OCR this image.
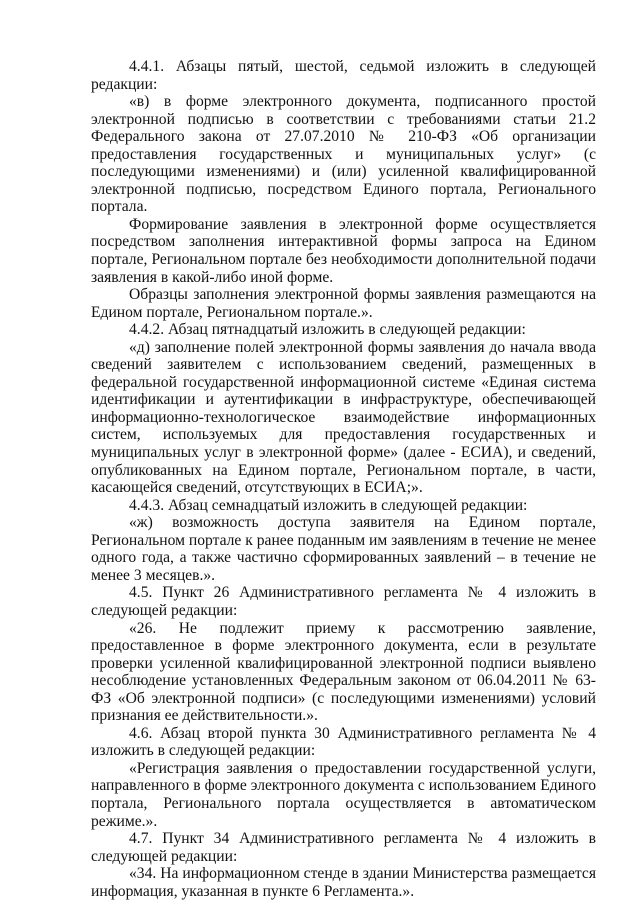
4.4.1. Абзацы пятый, шестой, седьмой изложить в следующей редакции:

«в) в форме электронного документа, подписанного простой электронной подписью в соответствии с требованиями статьи 21.2 Федерального закона от 27.07.2010 № 210-ФЗ «Об организации предоставления государственных и муниципальных услуг» (с последующими изменениями) и (или) усиленной квалифицированной электронной подписью, посредством Единого портала, Регионального портала.

Формирование заявления в электронной форме осуществляется посредством заполнения интерактивной формы запроса на Едином портале, Региональном портале без необходимости дополнительной подачи заявления в какой-либо иной форме.

Образцы заполнения электронной формы заявления размещаются на Едином портале, Региональном портале.».

4.4.2. Абзац пятнадцатый изложить в следующей редакции:

«д) заполнение полей электронной формы заявления до начала ввода сведений заявителем с использованием сведений, размещенных в федеральной государственной информационной системе «Единая система идентификации и аутентификации в инфраструктуре, обеспечивающей информационно-технологическое взаимодействие информационных систем, используемых для предоставления государственных и муниципальных услуг в электронной форме» (далее - ЕСИА), и сведений, опубликованных на Едином портале, Региональном портале, в части, касающейся сведений, отсутствующих в ЕСИА;».

4.4.3. Абзац семнадцатый изложить в следующей редакции:

«ж) возможность доступа заявителя на Едином портале, Региональном портале к ранее поданным им заявлениям в течение не менее одного года, а также частично сформированных заявлений – в течение не менее 3 месяцев.».

4.5. Пункт 26 Административного регламента № 4 изложить в следующей редакции:

«26. Не подлежит приему к рассмотрению заявление, предоставленное в форме электронного документа, если в результате проверки усиленной квалифицированной электронной подписи выявлено несоблюдение установленных Федеральным законом от 06.04.2011 № 63-ФЗ «Об электронной подписи» (с последующими изменениями) условий признания ее действительности.».

4.6. Абзац второй пункта 30 Административного регламента № 4 изложить в следующей редакции:

«Регистрация заявления о предоставлении государственной услуги, направленного в форме электронного документа с использованием Единого портала, Регионального портала осуществляется в автоматическом режиме.».

4.7. Пункт 34 Административного регламента № 4 изложить в следующей редакции:

«34. На информационном стенде в здании Министерства размещается информация, указанная в пункте 6 Регламента.».
